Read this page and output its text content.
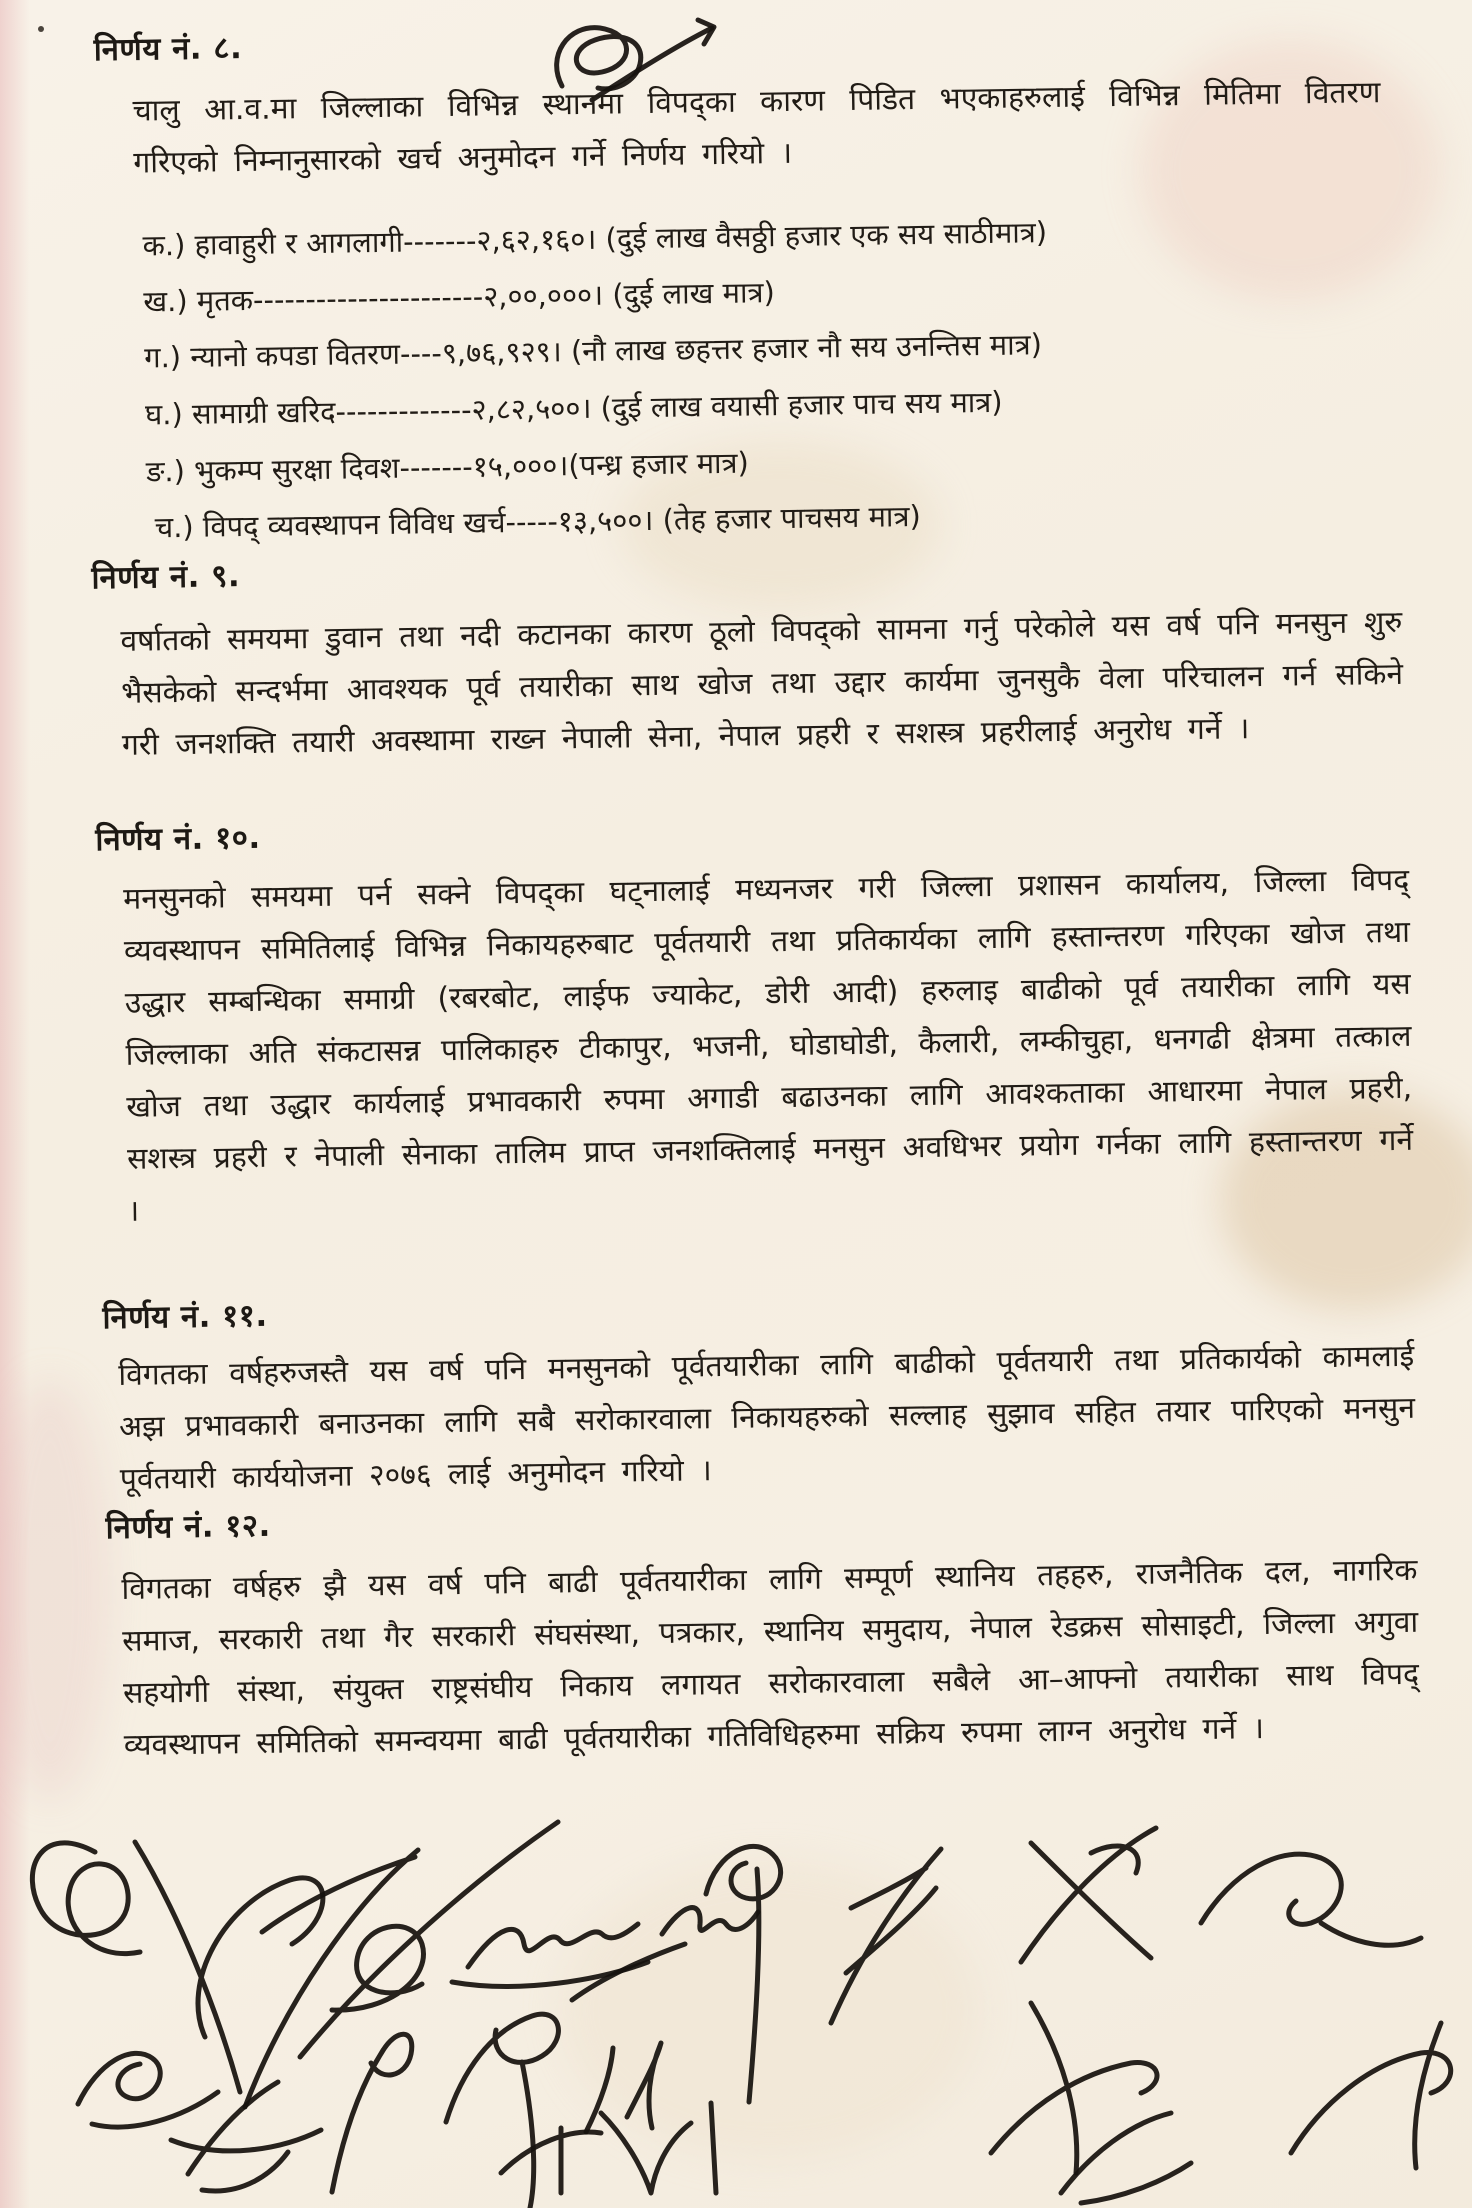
निर्णय नं. ८.
चालु आ.व.मा जिल्लाका विभिन्न स्थानमा विपद्का कारण पिडित भएकाहरुलाई विभिन्न मितिमा वितरण गरिएको निम्नानुसारको खर्च अनुमोदन गर्ने निर्णय गरियो ।
क.) हावाहुरी र आगलागी-------२,६२,१६०। (दुई लाख वैसठ्ठी हजार एक सय साठीमात्र)
ख.) मृतक----------------------२,००,०००। (दुई लाख मात्र)
ग.) न्यानो कपडा वितरण----९,७६,९२९। (नौ लाख छहत्तर हजार नौ सय उनन्तिस मात्र)
घ.) सामाग्री खरिद-------------२,८२,५००। (दुई लाख वयासी हजार पाच सय मात्र)
ङ.) भुकम्प सुरक्षा दिवश-------१५,०००।(पन्ध्र हजार मात्र)
च.) विपद् व्यवस्थापन विविध खर्च-----१३,५००। (तेह हजार पाचसय मात्र)
निर्णय नं. ९.
वर्षातको समयमा डुवान तथा नदी कटानका कारण ठूलो विपद्को सामना गर्नु परेकोले यस वर्ष पनि मनसुन शुरु भैसकेको सन्दर्भमा आवश्यक पूर्व तयारीका साथ खोज तथा उद्दार कार्यमा जुनसुकै वेला परिचालन गर्न सकिने गरी जनशक्ति तयारी अवस्थामा राख्न नेपाली सेना, नेपाल प्रहरी र सशस्त्र प्रहरीलाई अनुरोध गर्ने ।
निर्णय नं. १०.
मनसुनको समयमा पर्न सक्ने विपद्का घट्नालाई मध्यनजर गरी जिल्ला प्रशासन कार्यालय, जिल्ला विपद् व्यवस्थापन समितिलाई विभिन्न निकायहरुबाट पूर्वतयारी तथा प्रतिकार्यका लागि हस्तान्तरण गरिएका खोज तथा उद्धार सम्बन्धिका समाग्री (रबरबोट, लाईफ ज्याकेट, डोरी आदी) हरुलाइ बाढीको पूर्व तयारीका लागि यस जिल्लाका अति संकटासन्न पालिकाहरु टीकापुर, भजनी, घोडाघोडी, कैलारी, लम्कीचुहा, धनगढी क्षेत्रमा तत्काल खोज तथा उद्धार कार्यलाई प्रभावकारी रुपमा अगाडी बढाउनका लागि आवश्कताका आधारमा नेपाल प्रहरी, सशस्त्र प्रहरी र नेपाली सेनाका तालिम प्राप्त जनशक्तिलाई मनसुन अवधिभर प्रयोग गर्नका लागि हस्तान्तरण गर्ने ।
निर्णय नं. ११.
विगतका वर्षहरुजस्तै यस वर्ष पनि मनसुनको पूर्वतयारीका लागि बाढीको पूर्वतयारी तथा प्रतिकार्यको कामलाई अझ प्रभावकारी बनाउनका लागि सबै सरोकारवाला निकायहरुको सल्लाह सुझाव सहित तयार पारिएको मनसुन पूर्वतयारी कार्ययोजना २०७६ लाई अनुमोदन गरियो ।
निर्णय नं. १२.
विगतका वर्षहरु झै यस वर्ष पनि बाढी पूर्वतयारीका लागि सम्पूर्ण स्थानिय तहहरु, राजनैतिक दल, नागरिक समाज, सरकारी तथा गैर सरकारी संघसंस्था, पत्रकार, स्थानिय समुदाय, नेपाल रेडक्रस सोसाइटी, जिल्ला अगुवा सहयोगी संस्था, संयुक्त राष्ट्रसंघीय निकाय लगायत सरोकारवाला सबैले आ–आफ्नो तयारीका साथ विपद् व्यवस्थापन समितिको समन्वयमा बाढी पूर्वतयारीका गतिविधिहरुमा सक्रिय रुपमा लाग्न अनुरोध गर्ने ।
